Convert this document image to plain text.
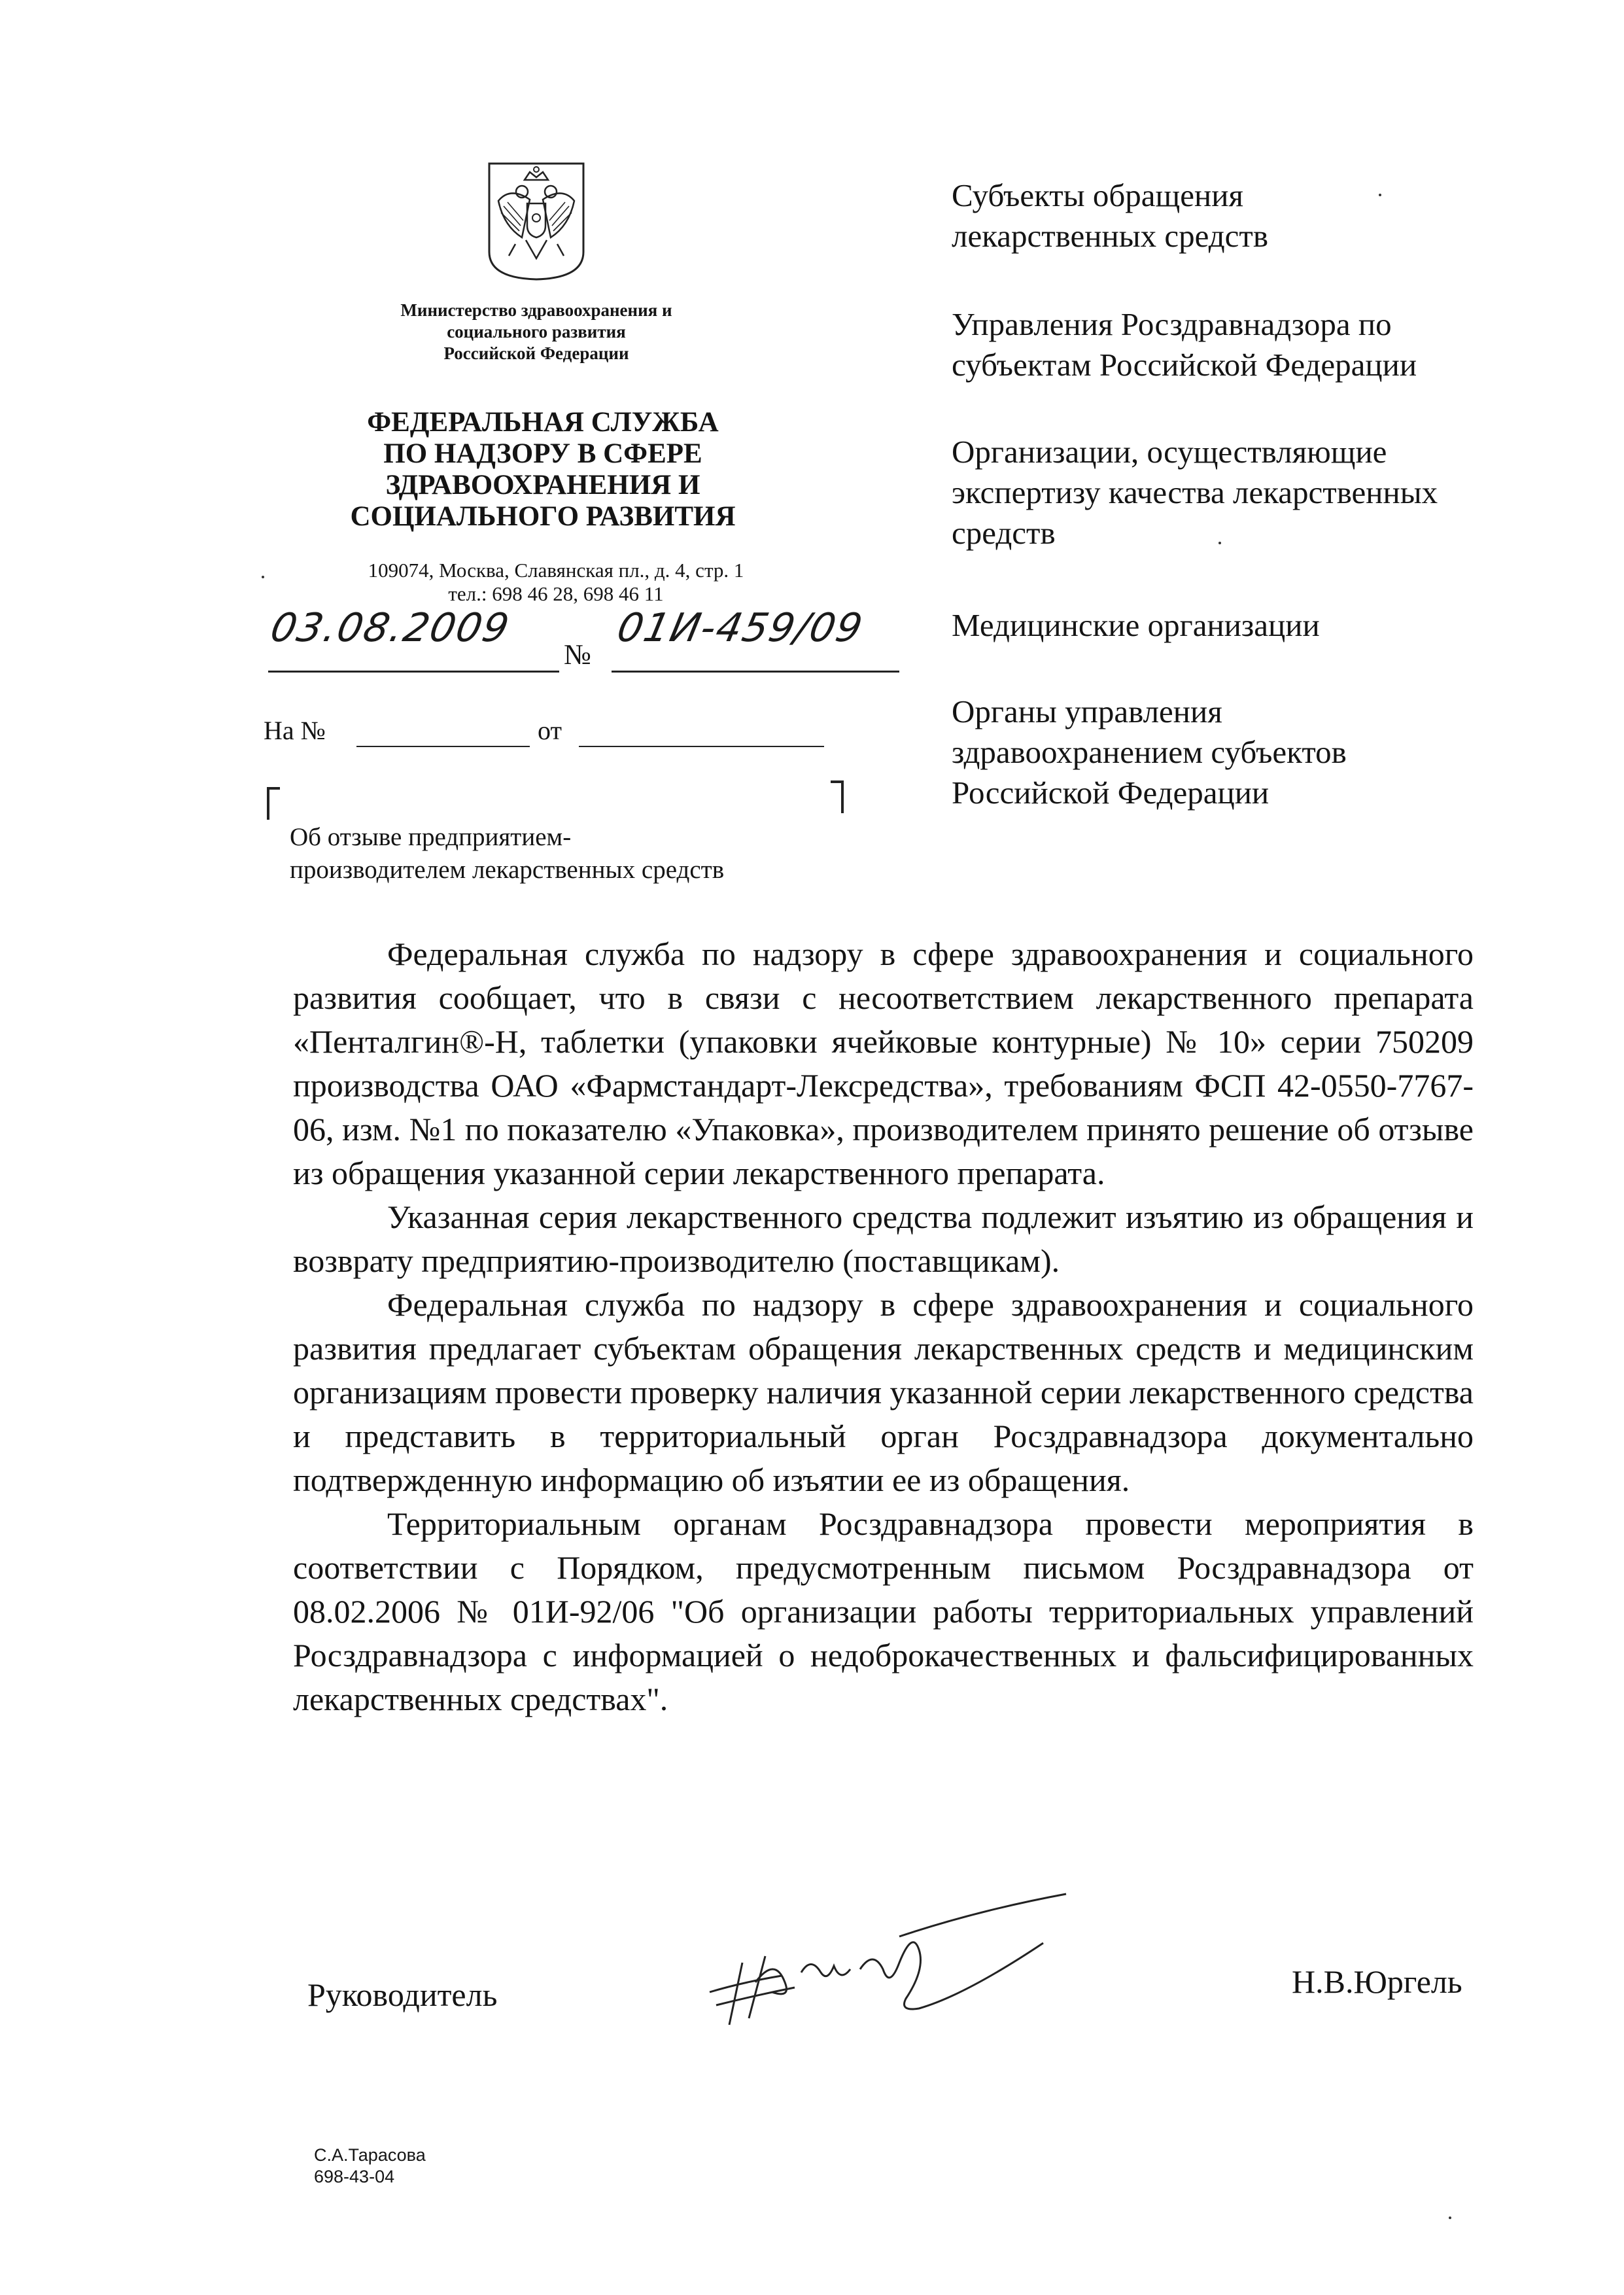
Министерство здравоохранения и
социального развития
Российской Федерации
ФЕДЕРАЛЬНАЯ СЛУЖБА
ПО НАДЗОРУ В СФЕРЕ
ЗДРАВООХРАНЕНИЯ И
СОЦИАЛЬНОГО РАЗВИТИЯ
109074, Москва, Славянская пл., д. 4, стр. 1
тел.: 698 46 28, 698 46 11
03.08.2009
№
01И-459/09
На №	от
Об отзыве предприятием-
производителем лекарственных средств
Субъекты обращения
лекарственных средств
Управления Росздравнадзора по
субъектам Российской Федерации
Организации, осуществляющие
экспертизу качества лекарственных
средств
Медицинские организации
Органы управления
здравоохранением субъектов
Российской Федерации

Федеральная служба по надзору в сфере здравоохранения и социального развития сообщает, что в связи с несоответствием лекарственного препарата «Пенталгин®-Н, таблетки (упаковки ячейковые контурные) № 10» серии 750209 производства ОАО «Фармстандарт-Лексредства», требованиям ФСП 42-0550-7767-06, изм. №1 по показателю «Упаковка», производителем принято решение об отзыве из обращения указанной серии лекарственного препарата.

Указанная серия лекарственного средства подлежит изъятию из обращения и возврату предприятию-производителю (поставщикам).

Федеральная служба по надзору в сфере здравоохранения и социального развития предлагает субъектам обращения лекарственных средств и медицинским организациям провести проверку наличия указанной серии лекарственного средства и представить в территориальный орган Росздравнадзора документально подтвержденную информацию об изъятии ее из обращения.

Территориальным органам Росздравнадзора провести мероприятия в соответствии с Порядком, предусмотренным письмом Росздравнадзора от 08.02.2006 № 01И-92/06 "Об организации работы территориальных управлений Росздравнадзора с информацией о недоброкачественных и фальсифицированных лекарственных средствах".

Руководитель	Н.В.Юргель
С.А.Тарасова
698-43-04
